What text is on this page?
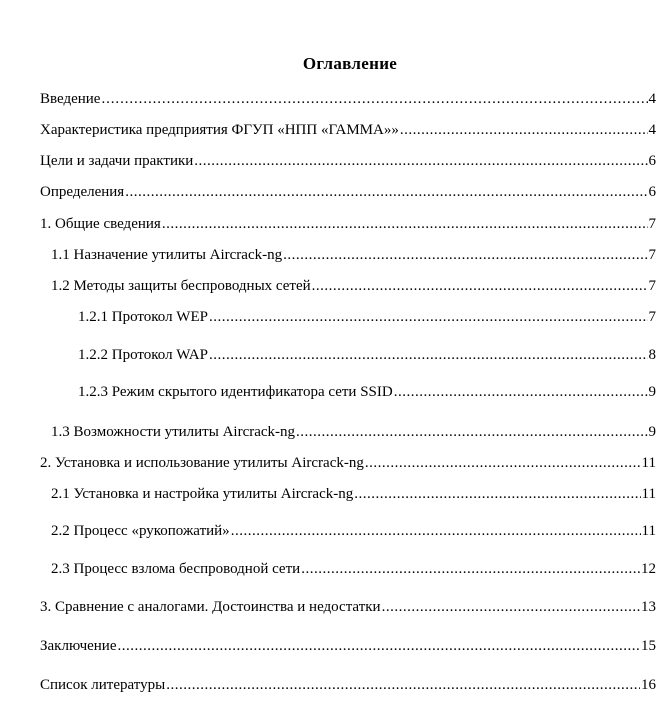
Оглавление
Введение .....	4
Характеристика предприятия ФГУП «НПП «ГАММА»» .....	4
Цели и задачи практики .....	6
Определения .....	6
1. Общие сведения .....	7
1.1 Назначение утилиты Aircrack-ng .....	7
1.2 Методы защиты беспроводных сетей .....	7
1.2.1 Протокол WEP .....	7
1.2.2 Протокол WAP .....	8
1.2.3 Режим скрытого идентификатора сети SSID .....	9
1.3 Возможности утилиты Aircrack-ng .....	9
2. Установка и использование утилиты Aircrack-ng .....	11
2.1 Установка и настройка утилиты Aircrack-ng .....	11
2.2 Процесс «рукопожатий» .....	11
2.3 Процесс взлома беспроводной сети .....	12
3. Сравнение с аналогами. Достоинства и недостатки .....	13
Заключение .....	15
Список литературы .....	16
